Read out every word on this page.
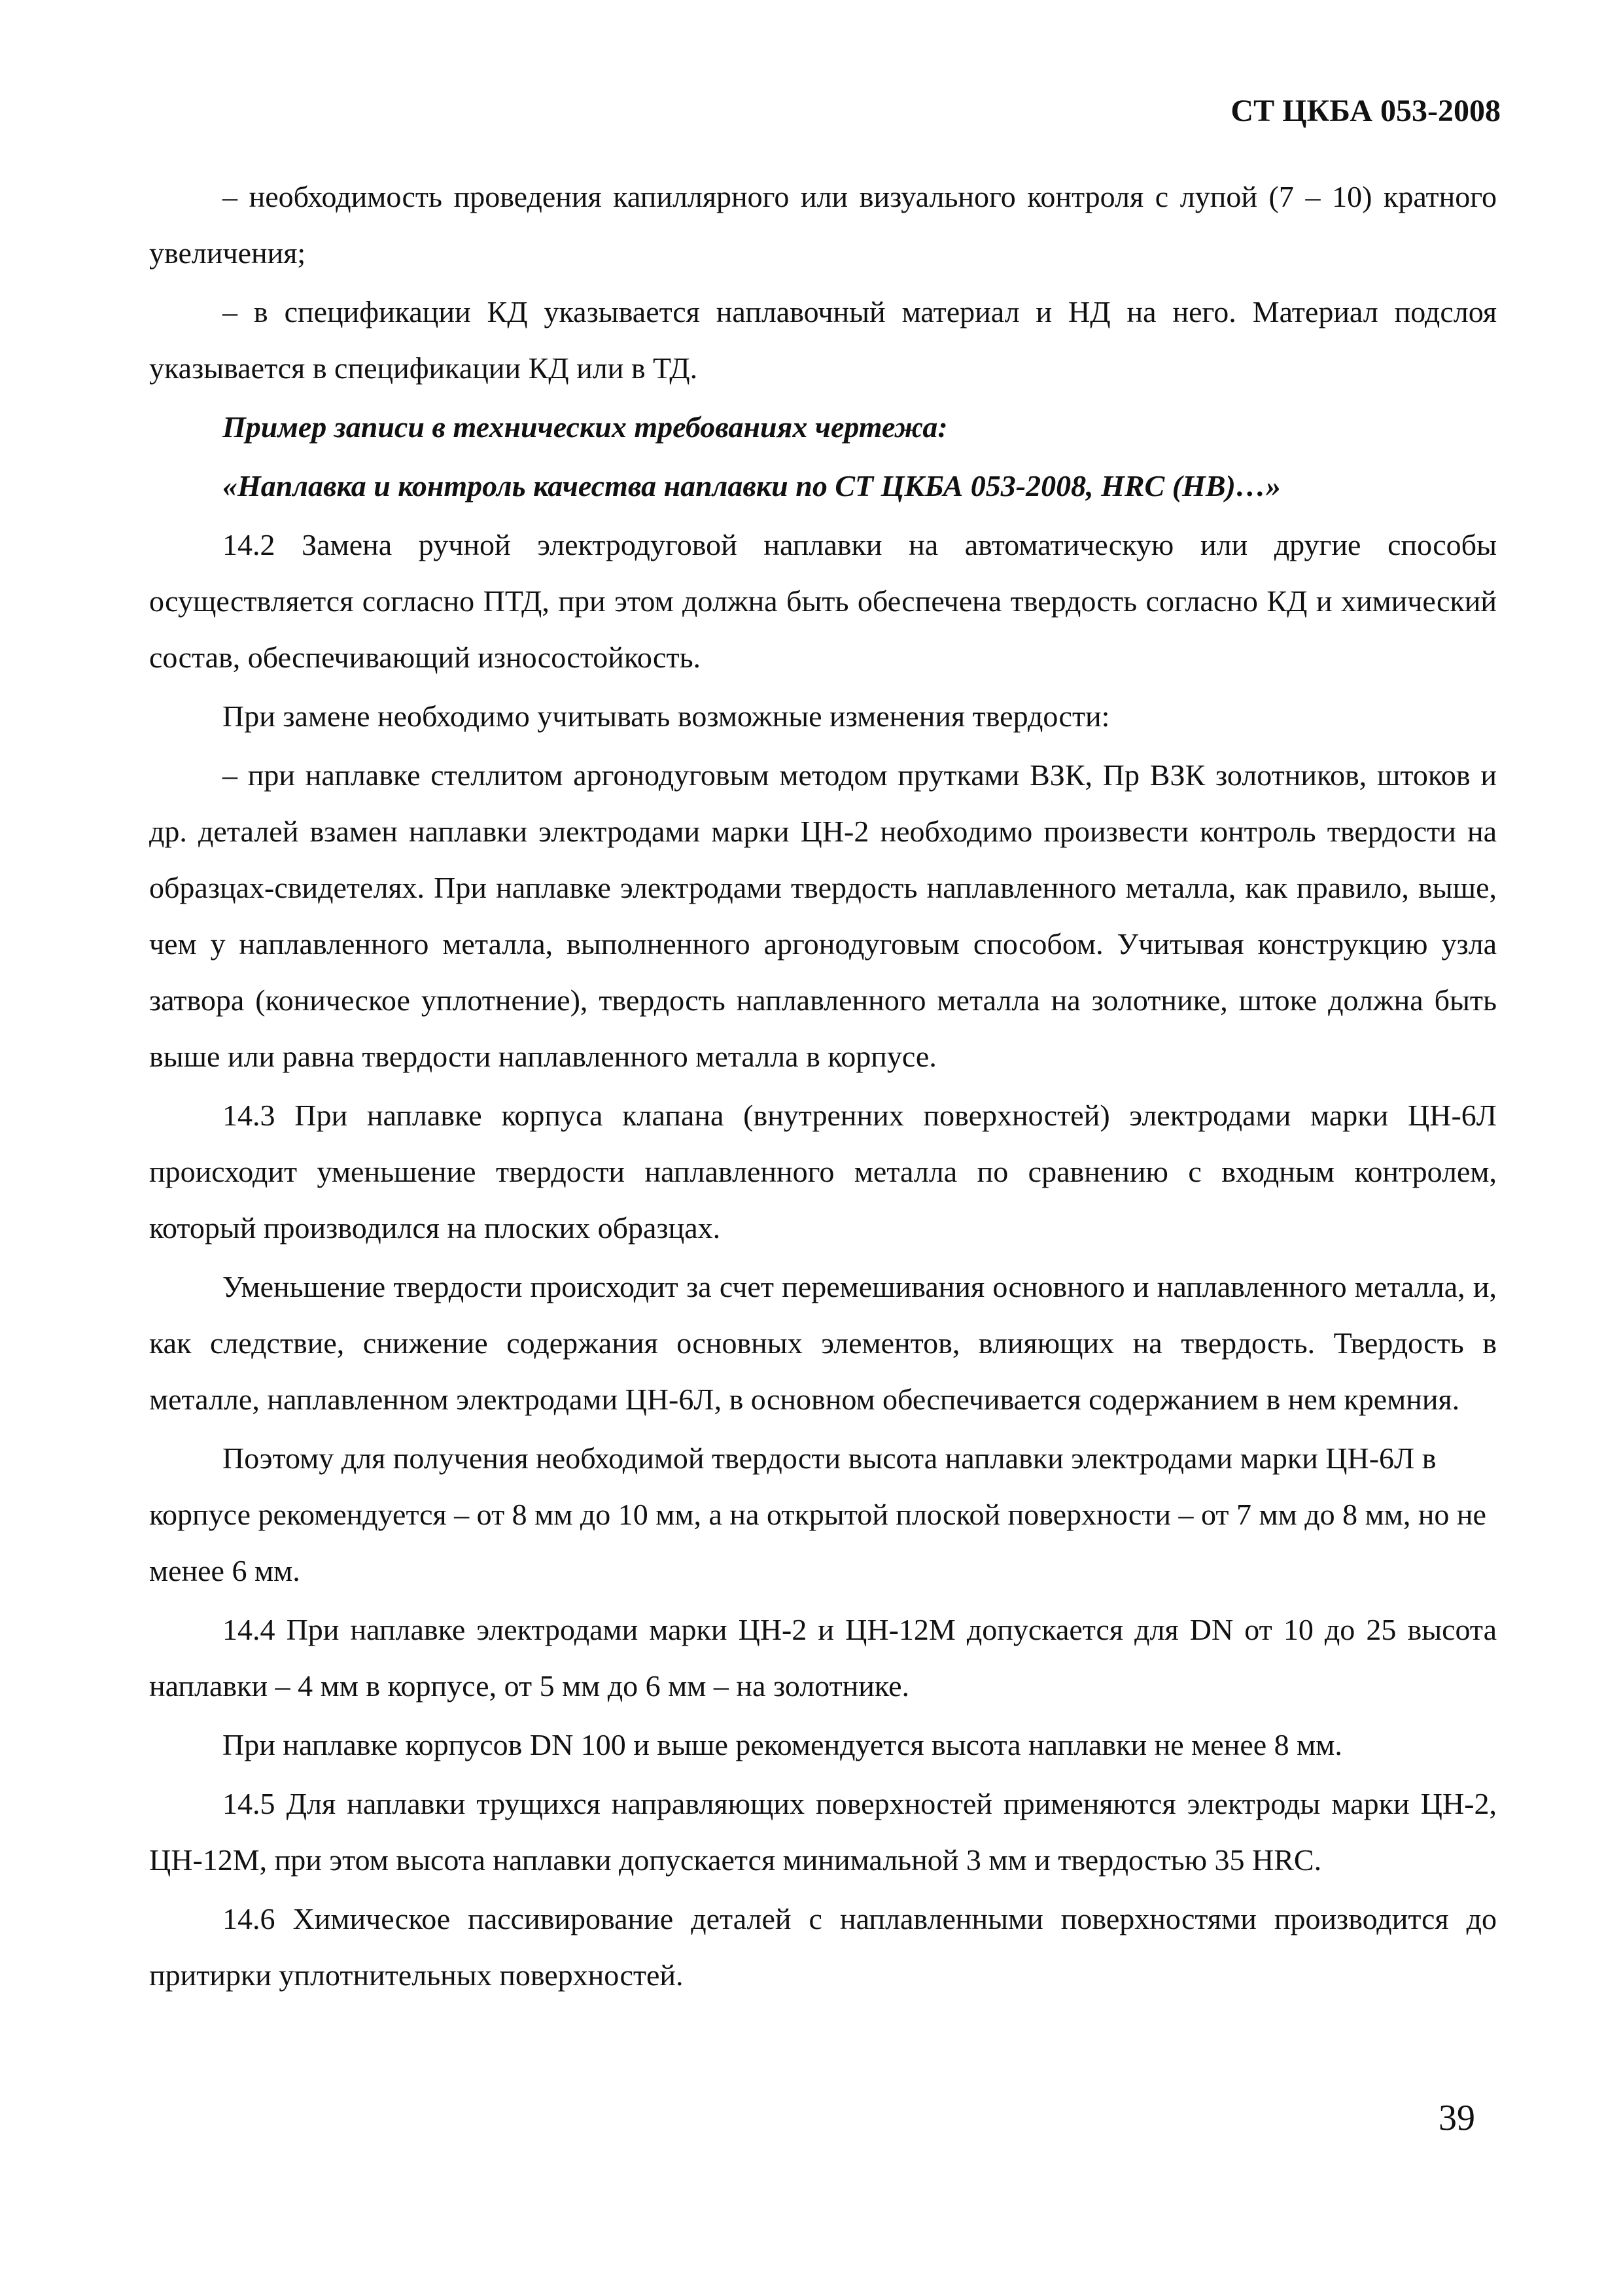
СТ ЦКБА 053-2008

– необходимость проведения капиллярного или визуального контроля с лупой (7 – 10) кратного увеличения;

– в спецификации КД указывается наплавочный материал и НД на него. Материал подслоя указывается в спецификации КД или в ТД.

Пример записи в технических требованиях чертежа:

«Наплавка и контроль качества наплавки по СТ ЦКБА 053-2008, HRC (НВ)…»

14.2 Замена ручной электродуговой наплавки на автоматическую или другие способы осуществляется согласно ПТД, при этом должна быть обеспечена твердость согласно КД и химический состав, обеспечивающий износостойкость.

При замене необходимо учитывать возможные изменения твердости:

– при наплавке стеллитом аргонодуговым методом прутками ВЗК, Пр ВЗК золотников, штоков и др. деталей взамен наплавки электродами марки ЦН-2 необходимо произвести контроль твердости на образцах-свидетелях. При наплавке электродами твердость наплавленного металла, как правило, выше, чем у наплавленного металла, выполненного аргонодуговым способом. Учитывая конструкцию узла затвора (коническое уплотнение), твердость наплавленного металла на золотнике, штоке должна быть выше или равна твердости наплавленного металла в корпусе.

14.3 При наплавке корпуса клапана (внутренних поверхностей) электродами марки ЦН-6Л происходит уменьшение твердости наплавленного металла по сравнению с входным контролем, который производился на плоских образцах.

Уменьшение твердости происходит за счет перемешивания основного и наплавленного металла, и, как следствие, снижение содержания основных элементов, влияющих на твердость. Твердость в металле, наплавленном электродами ЦН-6Л, в основном обеспечивается содержанием в нем кремния.

Поэтому для получения необходимой твердости высота наплавки электродами марки ЦН-6Л в корпусе рекомендуется – от 8 мм до 10 мм, а на открытой плоской поверхности – от 7 мм до 8 мм, но не менее 6 мм.

14.4 При наплавке электродами марки ЦН-2 и ЦН-12М допускается для DN от 10 до 25 высота наплавки – 4 мм в корпусе, от 5 мм до 6 мм – на золотнике.

При наплавке корпусов DN 100 и выше рекомендуется высота наплавки не менее 8 мм.

14.5 Для наплавки трущихся направляющих поверхностей применяются электроды марки ЦН-2, ЦН-12М, при этом высота наплавки допускается минимальной 3 мм и твердостью 35 HRC.

14.6 Химическое пассивирование деталей с наплавленными поверхностями производится до притирки уплотнительных поверхностей.

39
